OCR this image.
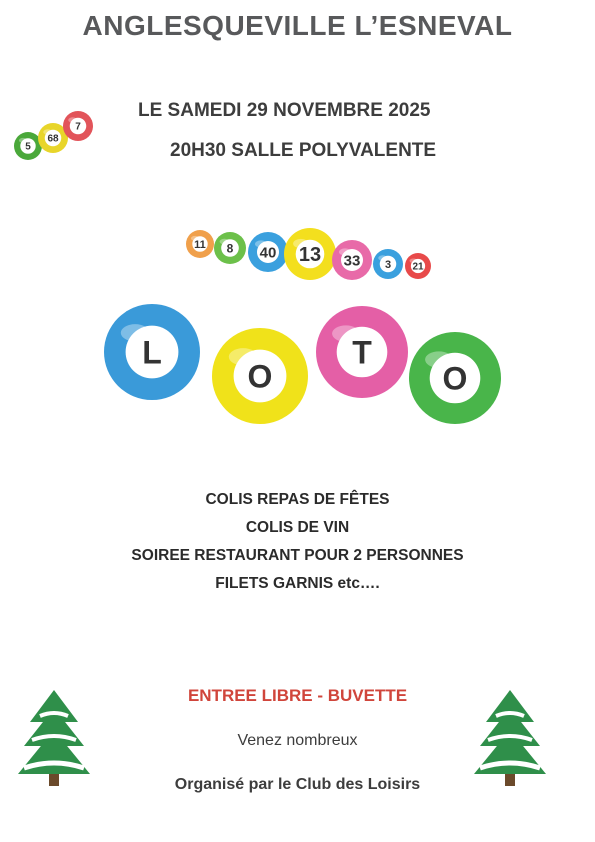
ANGLESQUEVILLE L’ESNEVAL
5
68
7
LE SAMEDI 29 NOVEMBRE 2025
20H30 SALLE POLYVALENTE
11 8 40 13 33 3 21
L
O
T
O
COLIS REPAS DE FÊTES
COLIS DE VIN
SOIREE RESTAURANT POUR 2 PERSONNES
FILETS GARNIS etc….
ENTREE LIBRE - BUVETTE
Venez nombreux
Organisé par le Club des Loisirs
